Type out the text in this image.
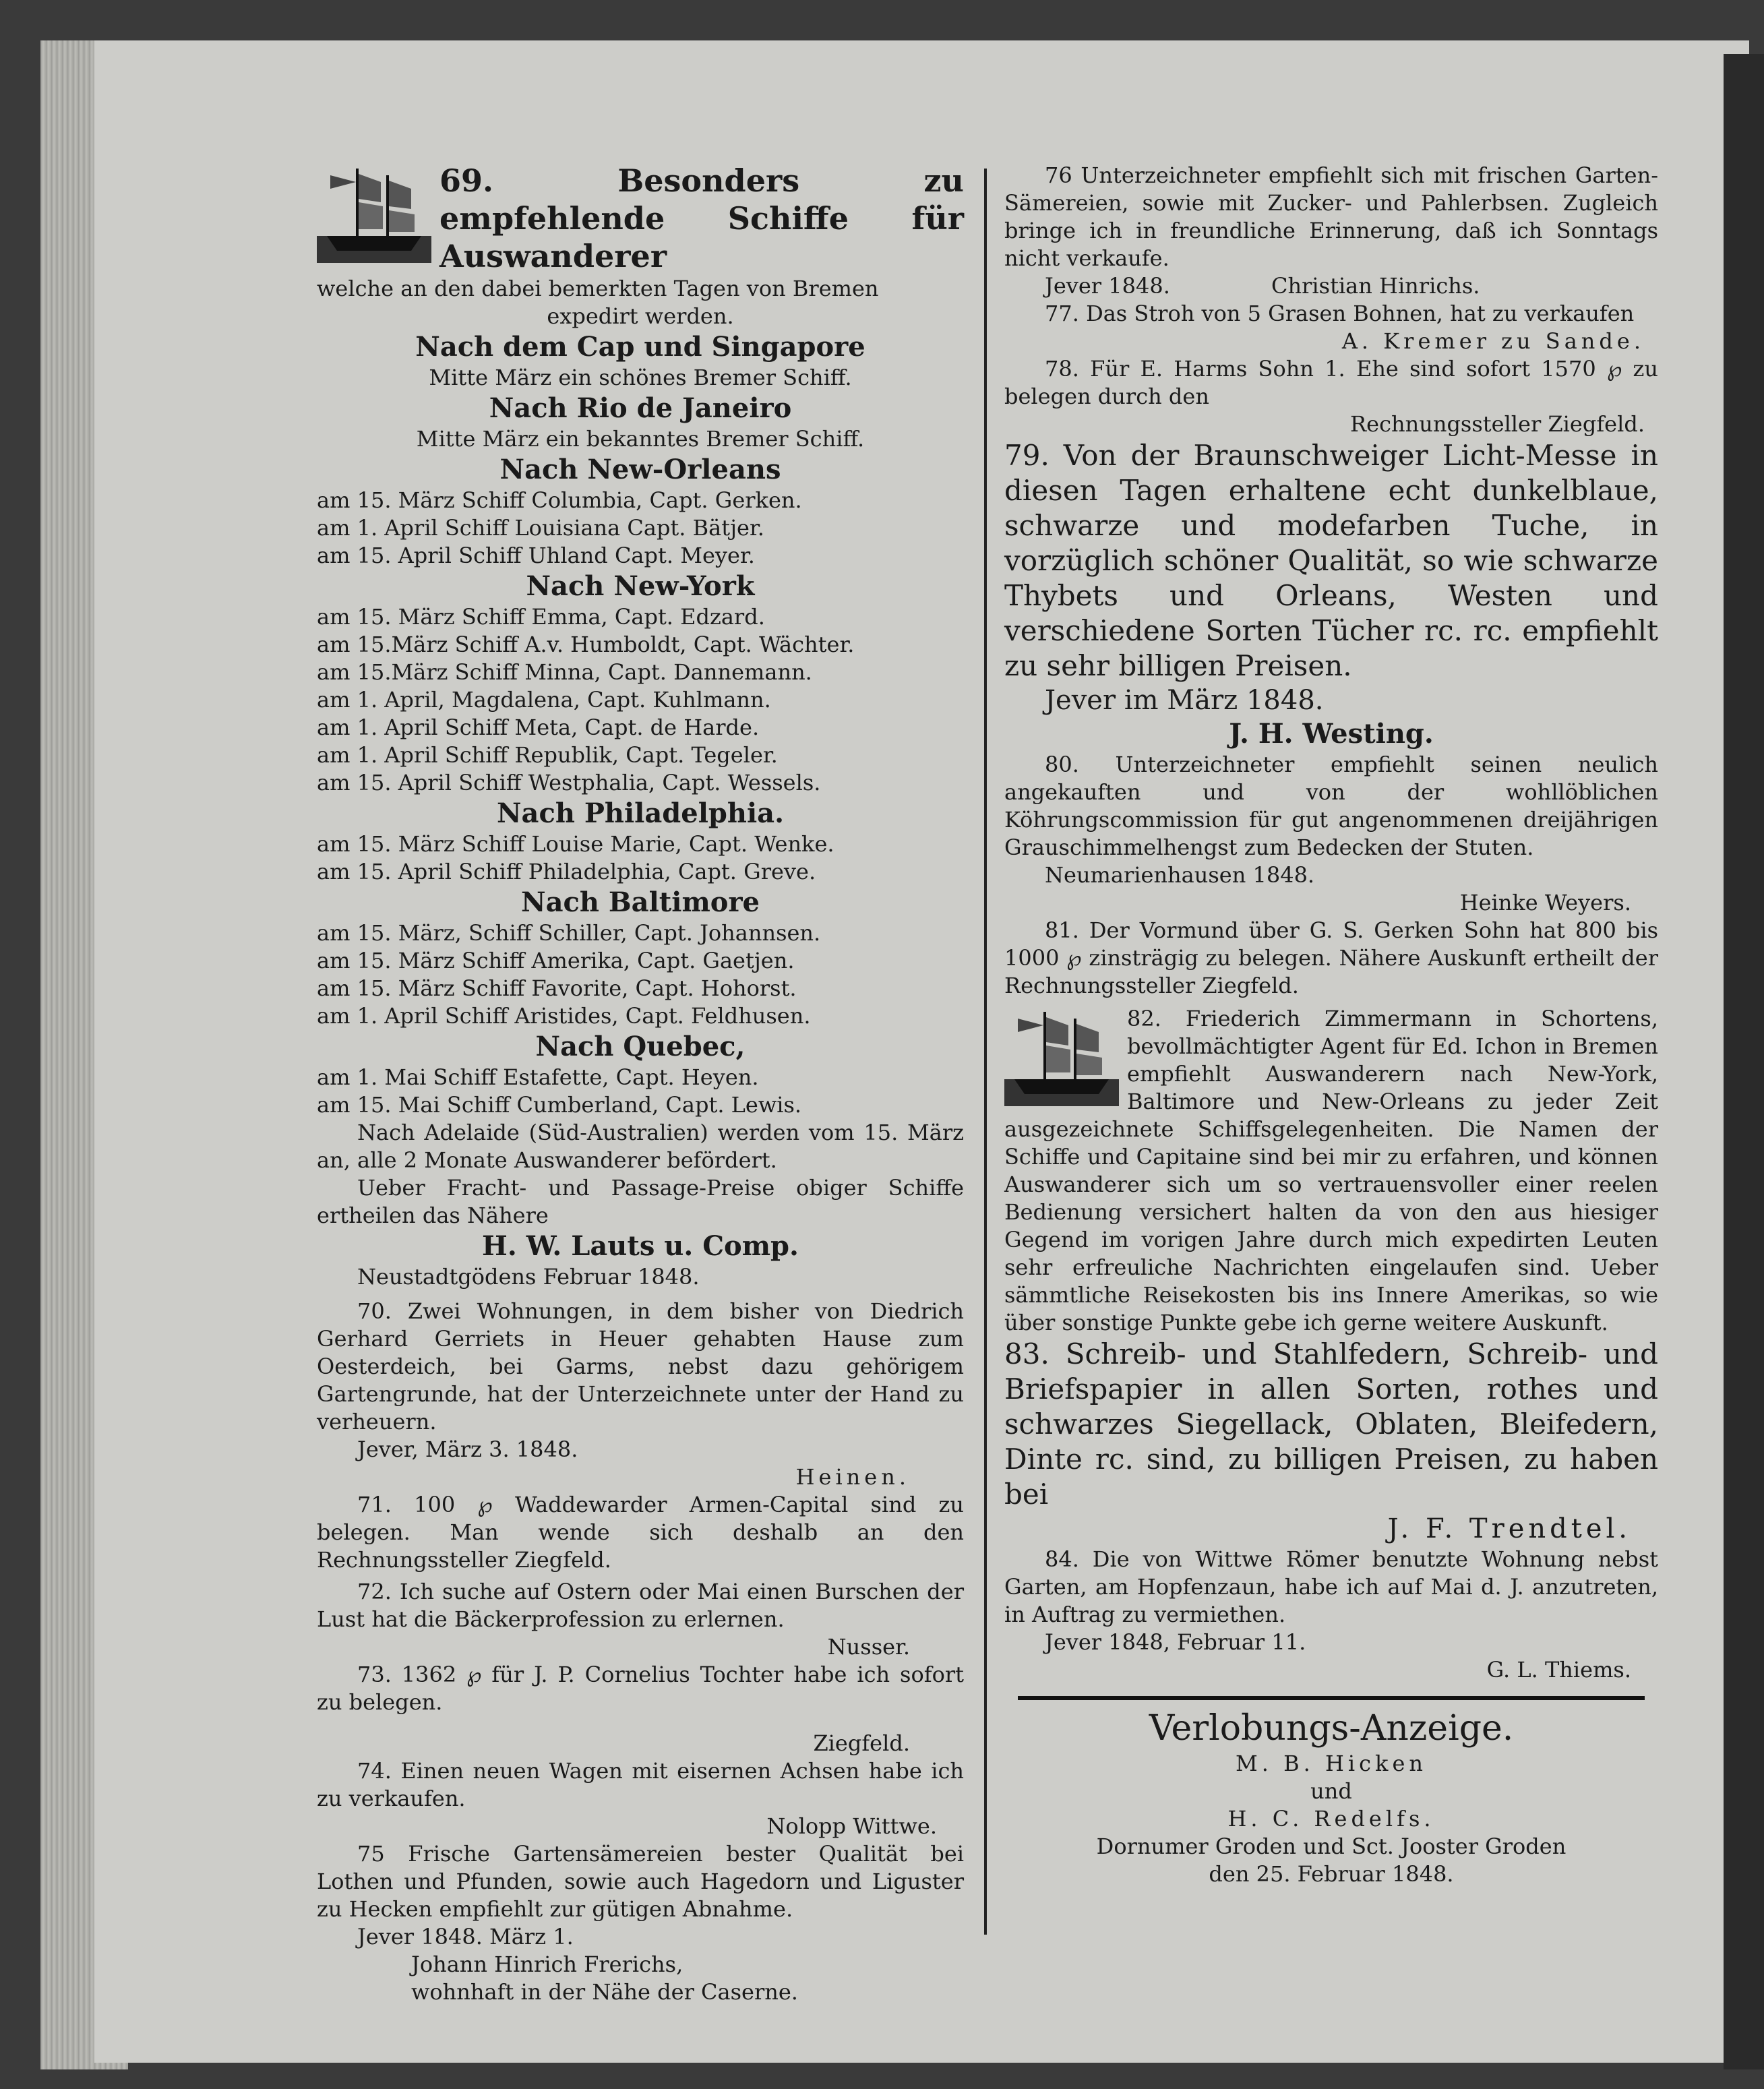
69. Besonders zu empfehlende Schiffe für Auswanderer
welche an den dabei bemerkten Tagen von Bremen
expedirt werden.
Nach dem Cap und Singapore
Mitte März ein schönes Bremer Schiff.
Nach Rio de Janeiro
Mitte März ein bekanntes Bremer Schiff.
Nach New-Orleans
am 15. März Schiff Columbia, Capt. Gerken.
am 1. April Schiff Louisiana Capt. Bätjer.
am 15. April Schiff Uhland Capt. Meyer.
Nach New-York
am 15. März Schiff Emma, Capt. Edzard.
am 15.März Schiff A.v. Humboldt, Capt. Wächter.
am 15.März Schiff Minna, Capt. Dannemann.
am 1. April, Magdalena, Capt. Kuhlmann.
am 1. April Schiff Meta, Capt. de Harde.
am 1. April Schiff Republik, Capt. Tegeler.
am 15. April Schiff Westphalia, Capt. Wessels.
Nach Philadelphia.
am 15. März Schiff Louise Marie, Capt. Wenke.
am 15. April Schiff Philadelphia, Capt. Greve.
Nach Baltimore
am 15. März, Schiff Schiller, Capt. Johannsen.
am 15. März Schiff Amerika, Capt. Gaetjen.
am 15. März Schiff Favorite, Capt. Hohorst.
am 1. April Schiff Aristides, Capt. Feldhusen.
Nach Quebec,
am 1. Mai Schiff Estafette, Capt. Heyen.
am 15. Mai Schiff Cumberland, Capt. Lewis.
Nach Adelaide (Süd-Australien) werden vom 15. März an, alle 2 Monate Auswanderer befördert.
Ueber Fracht- und Passage-Preise obiger Schiffe ertheilen das Nähere
H. W. Lauts u. Comp.
Neustadtgödens Februar 1848.
70. Zwei Wohnungen, in dem bisher von Diedrich Gerhard Gerriets in Heuer gehabten Hause zum Oesterdeich, bei Garms, nebst dazu gehörigem Gartengrunde, hat der Unterzeichnete unter der Hand zu verheuern.
Jever, März 3. 1848.
Heinen.
71. 100 ℘ Waddewarder Armen-Capital sind zu belegen. Man wende sich deshalb an den Rechnungssteller Ziegfeld.
72. Ich suche auf Ostern oder Mai einen Burschen der Lust hat die Bäckerprofession zu erlernen.
Nusser.
73. 1362 ℘ für J. P. Cornelius Tochter habe ich sofort zu belegen.
Ziegfeld.
74. Einen neuen Wagen mit eisernen Achsen habe ich zu verkaufen.
Nolopp Wittwe.
75 Frische Gartensämereien bester Qualität bei Lothen und Pfunden, sowie auch Hagedorn und Liguster zu Hecken empfiehlt zur gütigen Abnahme.
Jever 1848. März 1.
Johann Hinrich Frerichs,
wohnhaft in der Nähe der Caserne.
76 Unterzeichneter empfiehlt sich mit frischen Garten-Sämereien, sowie mit Zucker- und Pahlerbsen. Zugleich bringe ich in freundliche Erinnerung, daß ich Sonntags nicht verkaufe.
Jever 1848.	Christian Hinrichs.
77. Das Stroh von 5 Grasen Bohnen, hat zu verkaufen
A. Kremer zu Sande.
78. Für E. Harms Sohn 1. Ehe sind sofort 1570 ℘ zu belegen durch den
Rechnungssteller Ziegfeld.
79. Von der Braunschweiger Licht-Messe in diesen Tagen erhaltene echt dunkelblaue, schwarze und modefarben Tuche, in vorzüglich schöner Qualität, so wie schwarze Thybets und Orleans, Westen und verschiedene Sorten Tücher rc. rc. empfiehlt zu sehr billigen Preisen.
Jever im März 1848.
J. H. Westing.
80. Unterzeichneter empfiehlt seinen neulich angekauften und von der wohllöblichen Köhrungscommission für gut angenommenen dreijährigen Grauschimmelhengst zum Bedecken der Stuten.
Neumarienhausen 1848.
Heinke Weyers.
81. Der Vormund über G. S. Gerken Sohn hat 800 bis 1000 ℘ zinsträgig zu belegen. Nähere Auskunft ertheilt der Rechnungssteller Ziegfeld.
82. Friederich Zimmermann in Schortens, bevollmächtigter Agent für Ed. Ichon in Bremen empfiehlt Auswanderern nach New-York, Baltimore und New-Orleans zu jeder Zeit ausgezeichnete Schiffsgelegenheiten. Die Namen der Schiffe und Capitaine sind bei mir zu erfahren, und können Auswanderer sich um so vertrauensvoller einer reelen Bedienung versichert halten da von den aus hiesiger Gegend im vorigen Jahre durch mich expedirten Leuten sehr erfreuliche Nachrichten eingelaufen sind. Ueber sämmtliche Reisekosten bis ins Innere Amerikas, so wie über sonstige Punkte gebe ich gerne weitere Auskunft.
83. Schreib- und Stahlfedern, Schreib- und Briefspapier in allen Sorten, rothes und schwarzes Siegellack, Oblaten, Bleifedern, Dinte rc. sind, zu billigen Preisen, zu haben bei
J. F. Trendtel.
84. Die von Wittwe Römer benutzte Wohnung nebst Garten, am Hopfenzaun, habe ich auf Mai d. J. anzutreten, in Auftrag zu vermiethen.
Jever 1848, Februar 11.
G. L. Thiems.
Verlobungs-Anzeige.
M. B. Hicken
und
H. C. Redelfs.
Dornumer Groden und Sct. Jooster Groden
den 25. Februar 1848.
